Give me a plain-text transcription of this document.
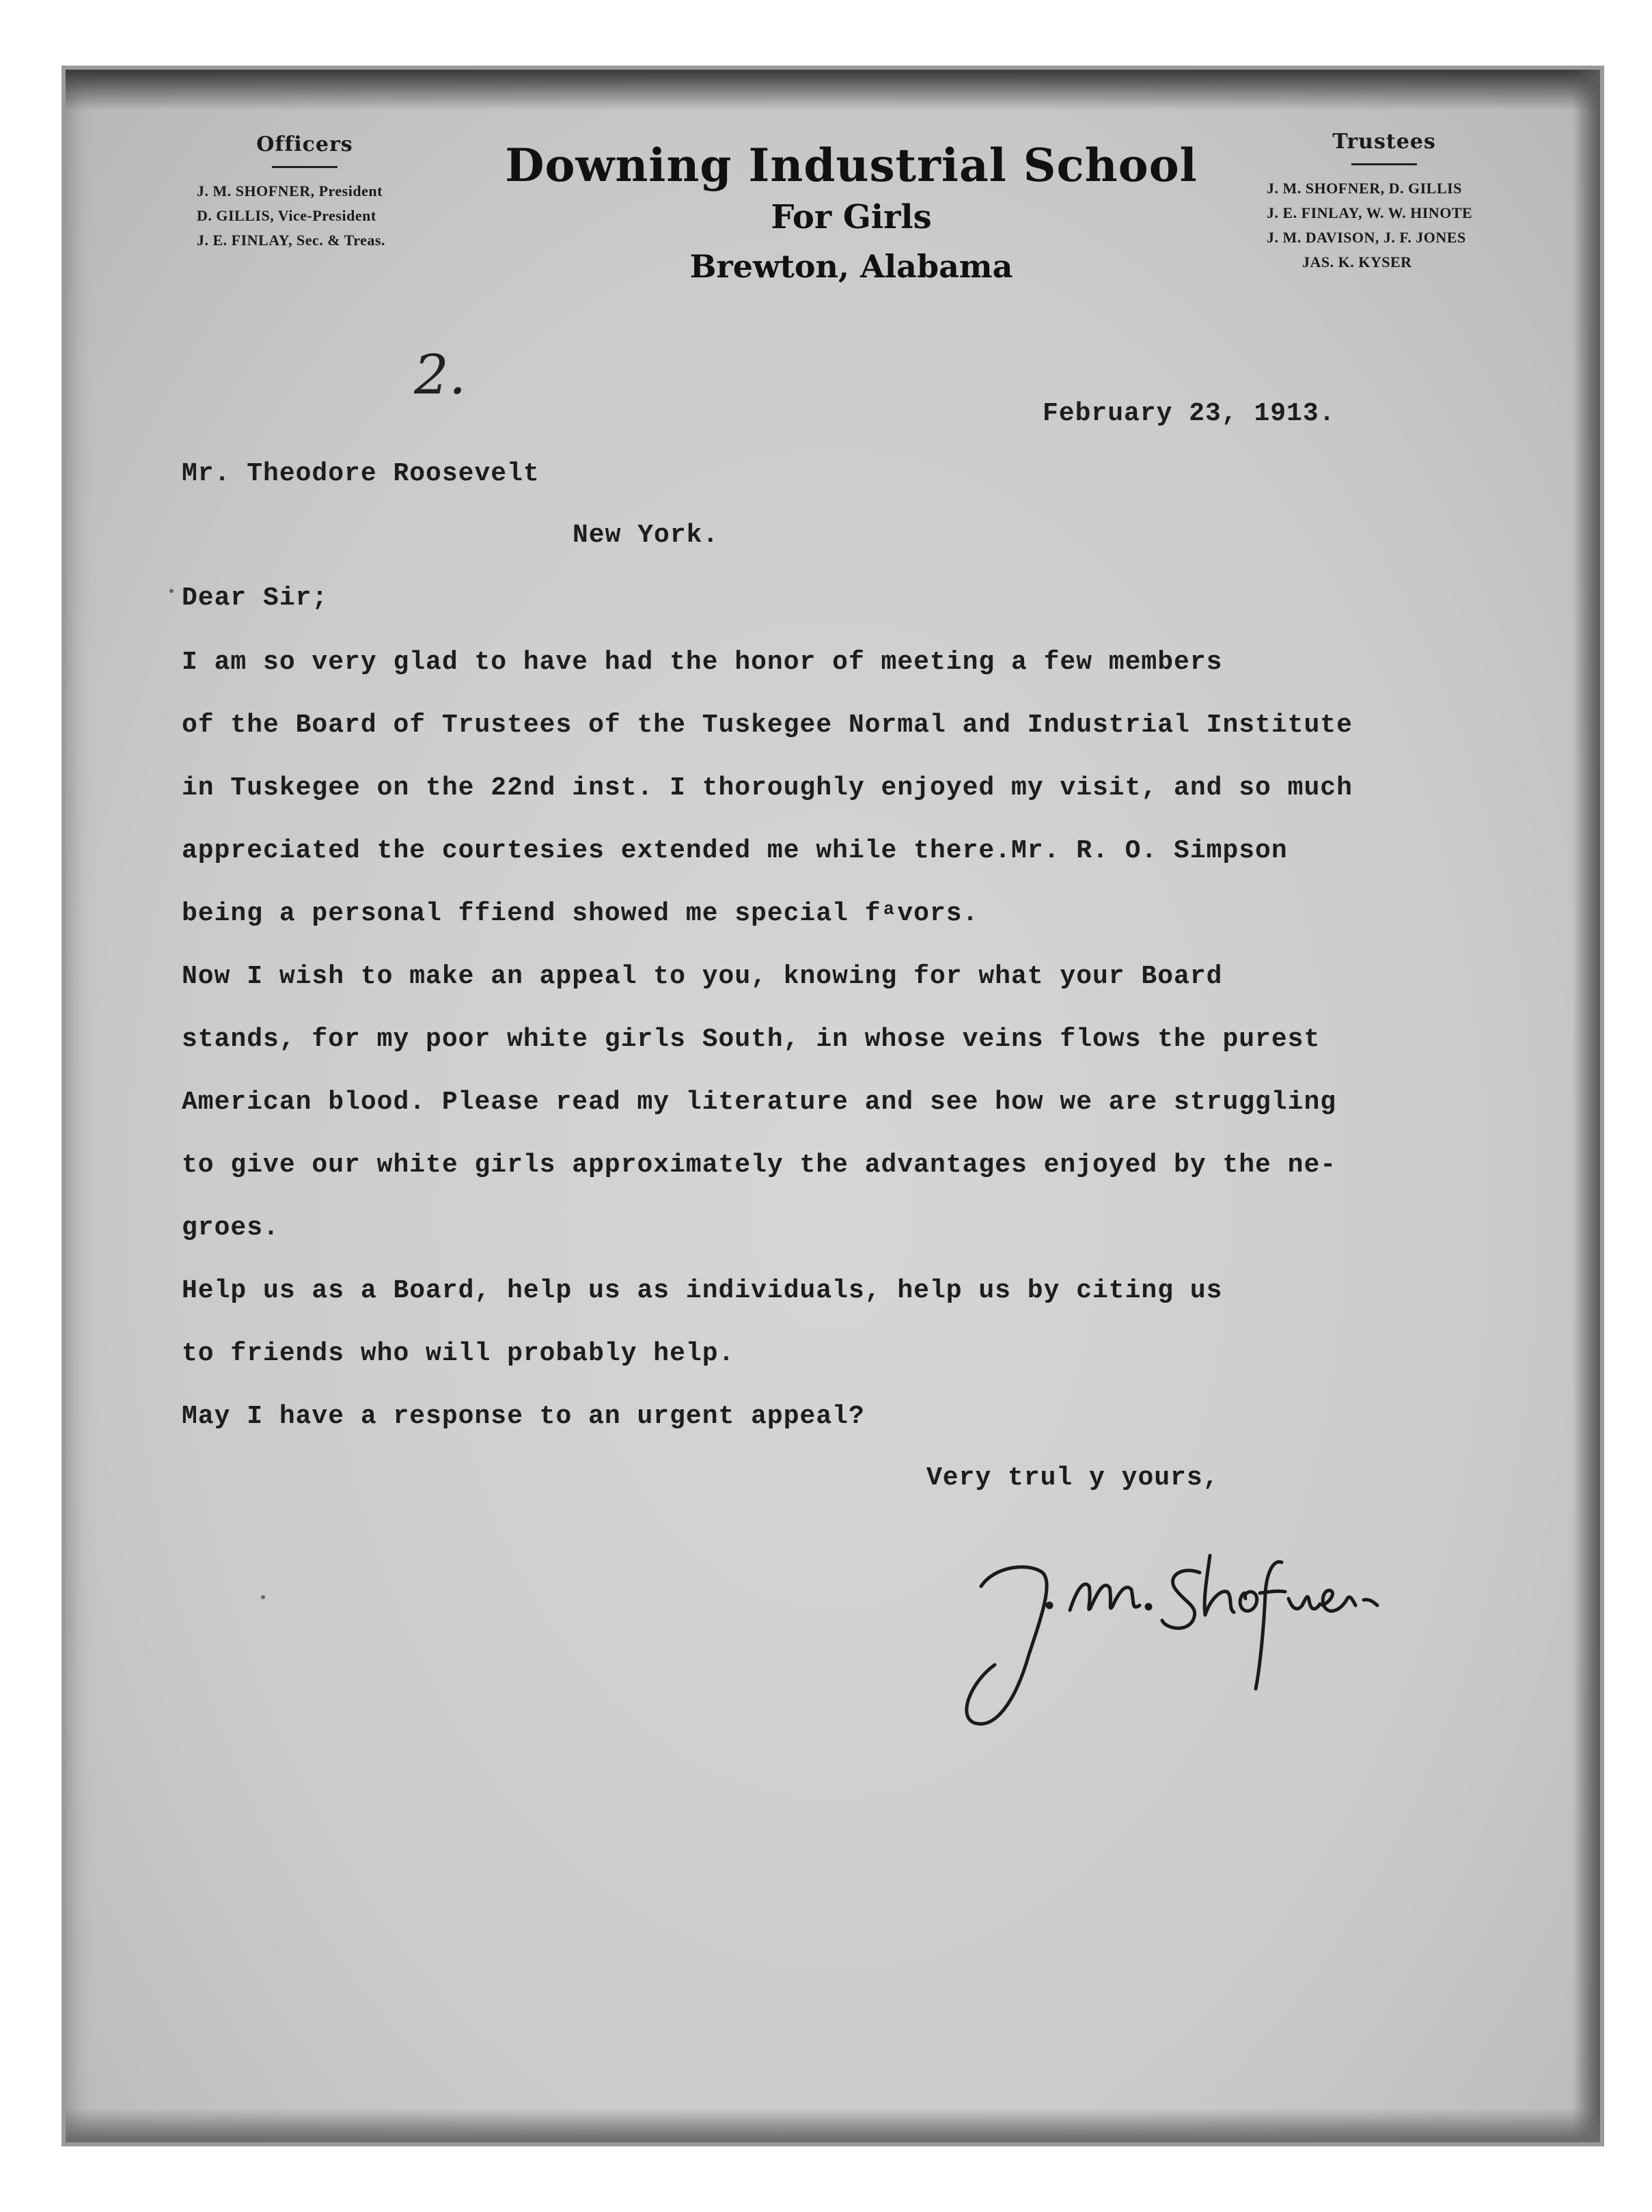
Officers
J. M. SHOFNER, President
D. GILLIS, Vice-President
J. E. FINLAY, Sec. & Treas.
Downing Industrial School
For Girls
Brewton, Alabama
Trustees
J. M. SHOFNER, D. GILLIS
J. E. FINLAY, W. W. HINOTE
J. M. DAVISON, J. F. JONES
JAS. K. KYSER
2.
February 23, 1913.
Mr. Theodore Roosevelt
New York.
Dear Sir;
I am so very glad to have had the honor of meeting a few members
of the Board of Trustees of the Tuskegee Normal and Industrial Institute
in Tuskegee on the 22nd inst. I thoroughly enjoyed my visit, and so much
appreciated the courtesies extended me while there.Mr. R. O. Simpson
being a personal ffiend showed me special fᵃvors.
Now I wish to make an appeal to you, knowing for what your Board
stands, for my poor white girls South, in whose veins flows the purest
American blood. Please read my literature and see how we are struggling
to give our white girls approximately the advantages enjoyed by the ne-
groes.
Help us as a Board, help us as individuals, help us by citing us
to friends who will probably help.
May I have a response to an urgent appeal?
Very trul y yours,
